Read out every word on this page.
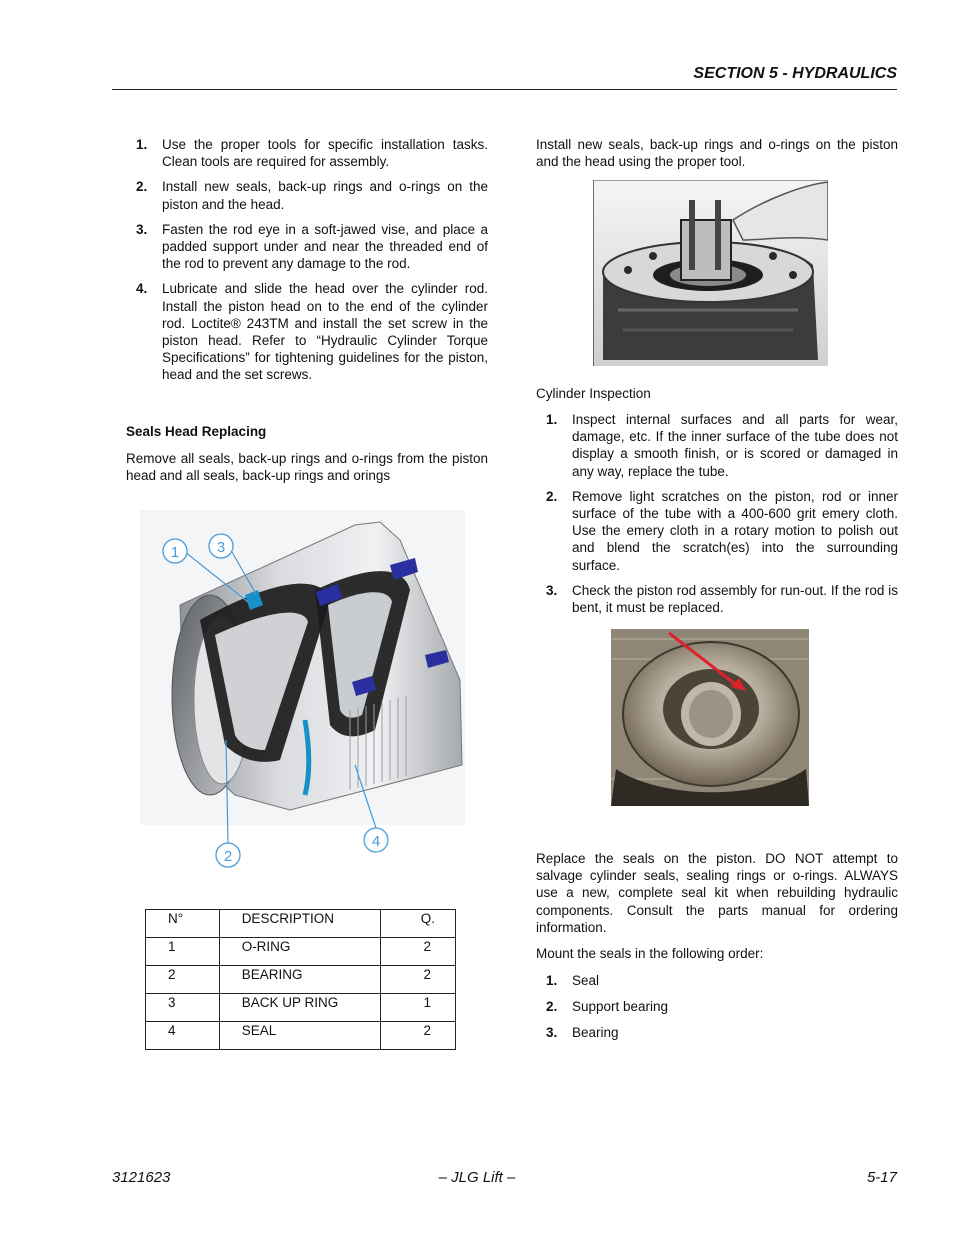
SECTION 5 - HYDRAULICS
1. Use the proper tools for specific installation tasks. Clean tools are required for assembly.
2. Install new seals, back-up rings and o-rings on the piston and the head.
3. Fasten the rod eye in a soft-jawed vise, and place a padded support under and near the threaded end of the rod to prevent any damage to the rod.
4. Lubricate and slide the head over the cylinder rod. Install the piston head on to the end of the cylinder rod. Loctite® 243TM and install the set screw in the piston head. Refer to “Hydraulic Cylinder Torque Specifications” for tightening guidelines for the piston, head and the set screws.
Seals Head Replacing

Remove all seals, back-up rings and o-rings from the piston head and all seals, back-up rings and orings

1	3
2
4
N°	DESCRIPTION	Q.
1	O-RING	2
2	BEARING	2
3	BACK UP RING	1
4	SEAL	2

Install new seals, back-up rings and o-rings on the piston and the head using the proper tool.

Cylinder Inspection
1. Inspect internal surfaces and all parts for wear, damage, etc. If the inner surface of the tube does not display a smooth finish, or is scored or damaged in any way, replace the tube.
2. Remove light scratches on the piston, rod or inner surface of the tube with a 400-600 grit emery cloth. Use the emery cloth in a rotary motion to polish out and blend the scratch(es) into the surrounding surface.
3. Check the piston rod assembly for run-out. If the rod is bent, it must be replaced.

Replace the seals on the piston. DO NOT attempt to salvage cylinder seals, sealing rings or o-rings. ALWAYS use a new, complete seal kit when rebuilding hydraulic components. Consult the parts manual for ordering information.

Mount the seals in the following order:
1. Seal
2. Support bearing
3. Bearing
3121623	– JLG Lift –	5-17
